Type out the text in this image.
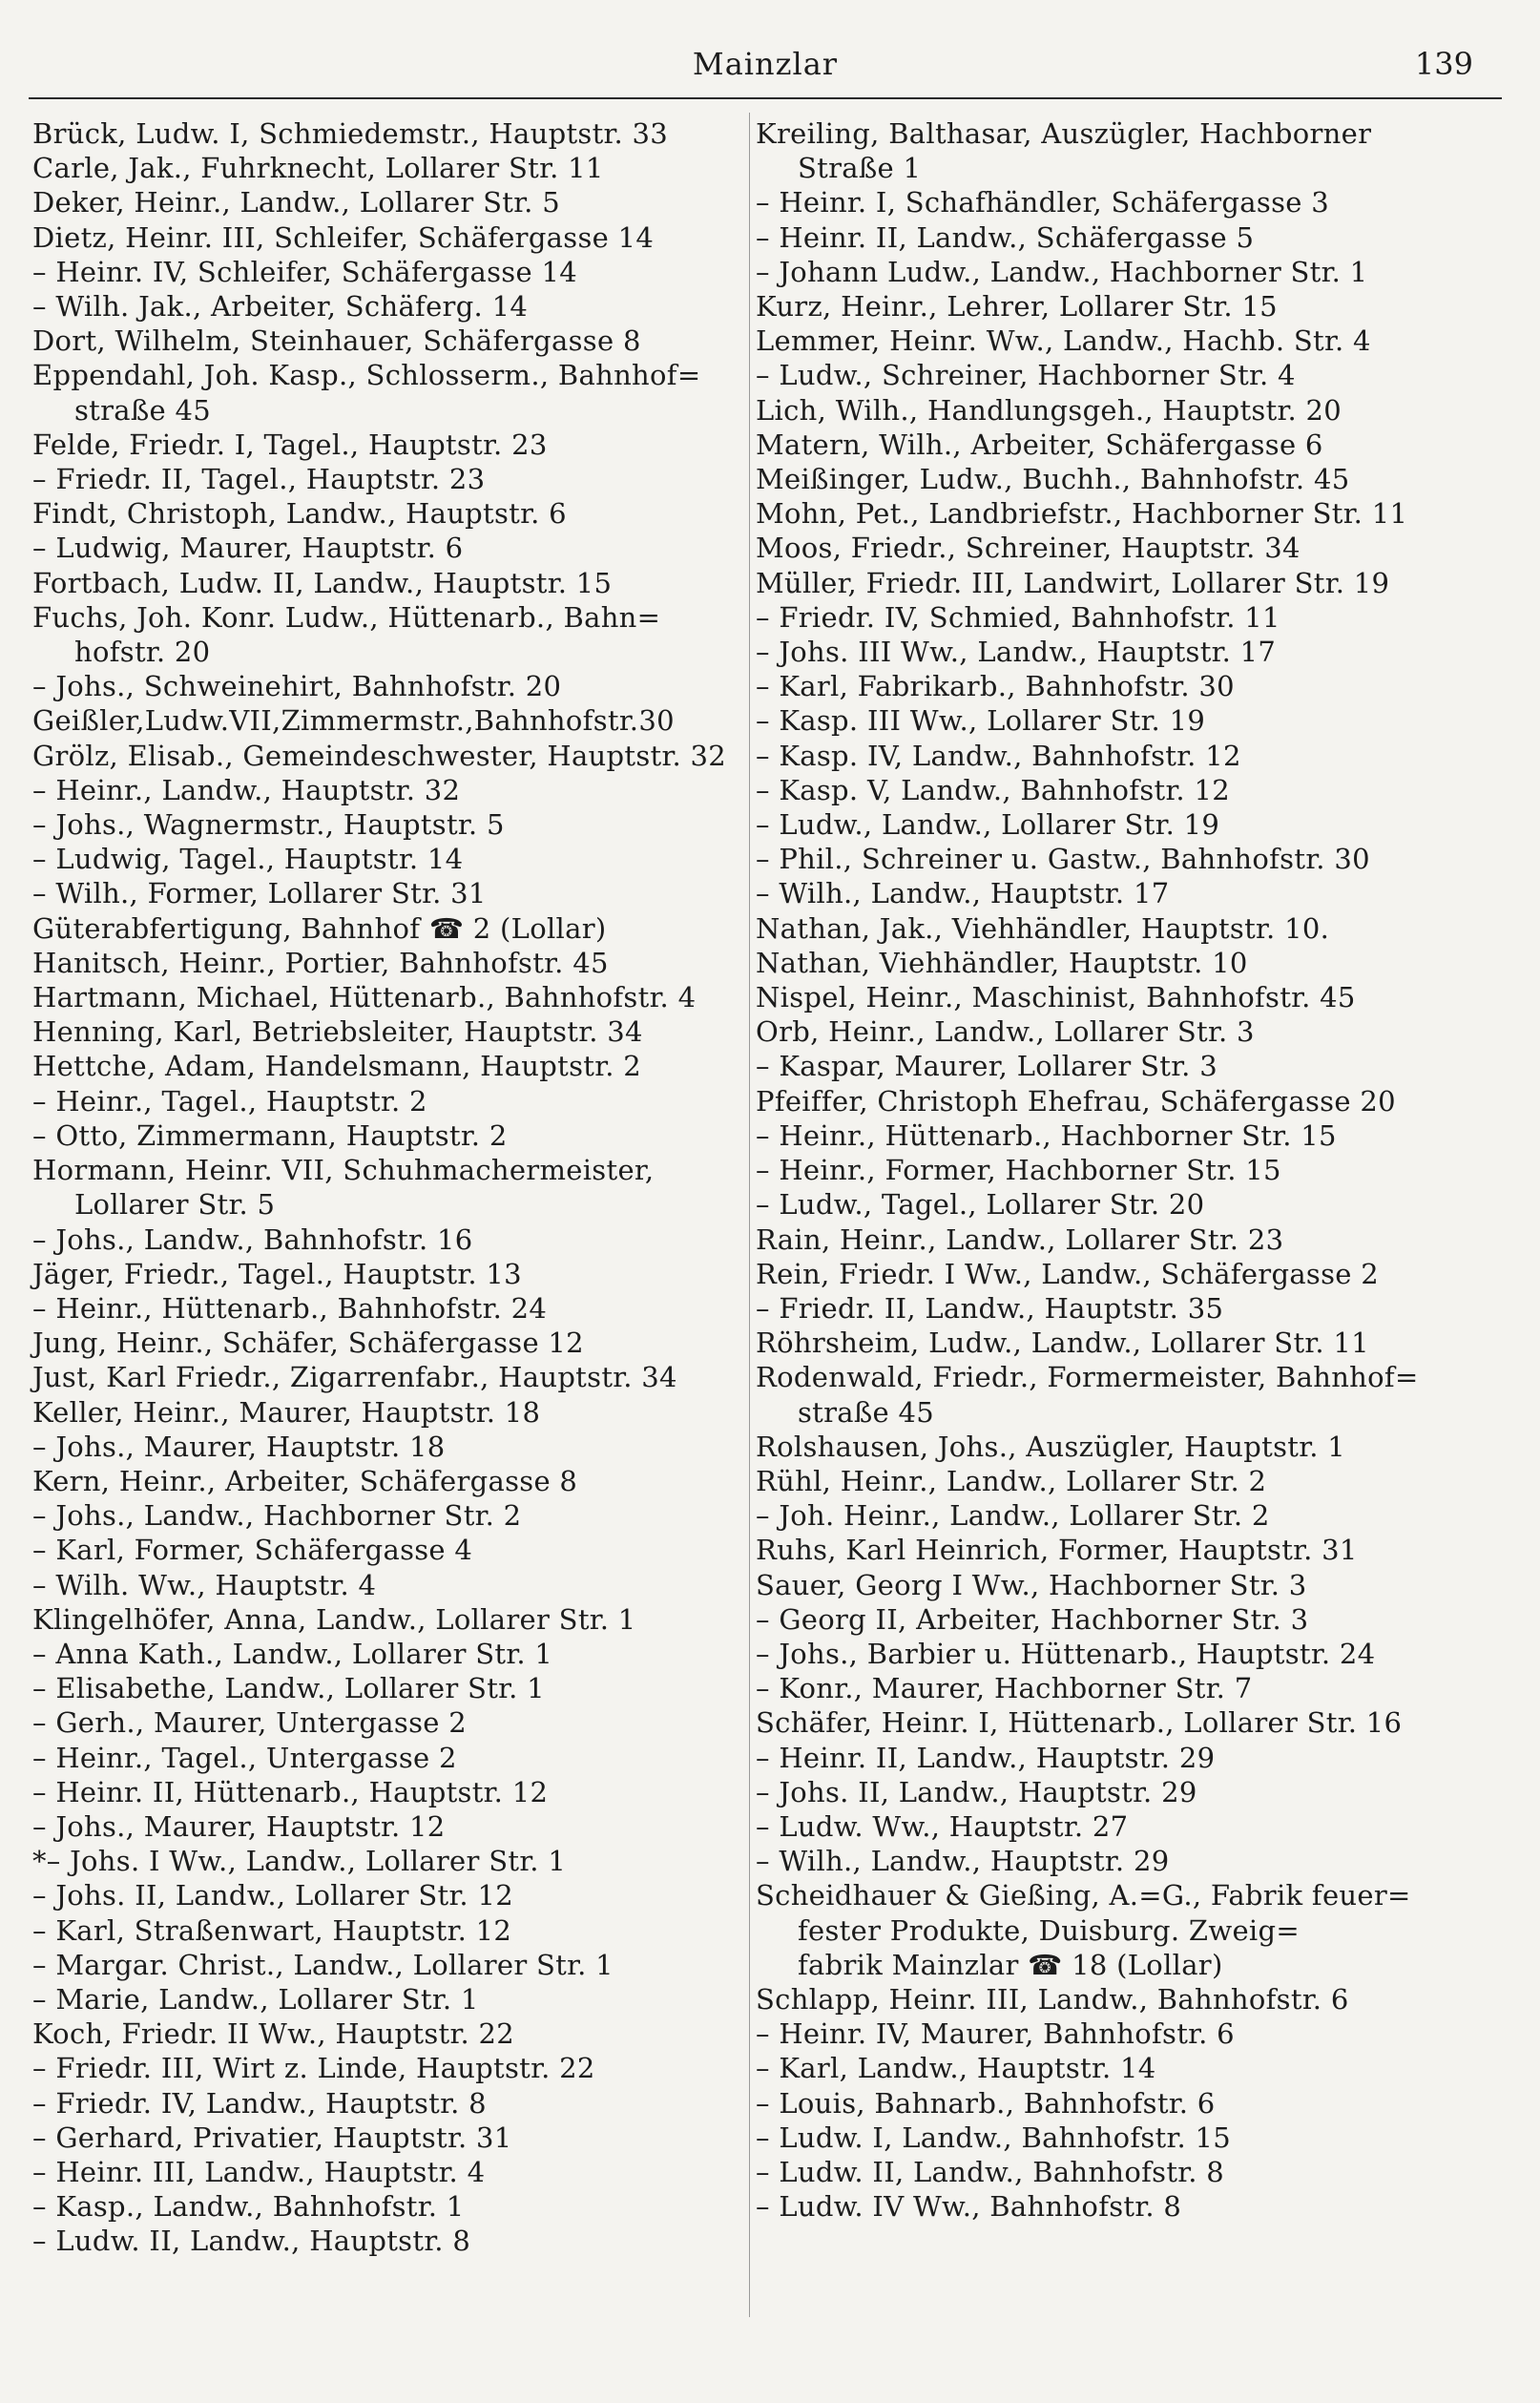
Mainzlar	139
Brück, Ludw. I, Schmiedemstr., Hauptstr. 33
Carle, Jak., Fuhrknecht, Lollarer Str. 11
Deker, Heinr., Landw., Lollarer Str. 5
Dietz, Heinr. III, Schleifer, Schäfergasse 14
– Heinr. IV, Schleifer, Schäfergasse 14
– Wilh. Jak., Arbeiter, Schäferg. 14
Dort, Wilhelm, Steinhauer, Schäfergasse 8
Eppendahl, Joh. Kasp., Schlosserm., Bahnhof=
straße 45
Felde, Friedr. I, Tagel., Hauptstr. 23
– Friedr. II, Tagel., Hauptstr. 23
Findt, Christoph, Landw., Hauptstr. 6
– Ludwig, Maurer, Hauptstr. 6
Fortbach, Ludw. II, Landw., Hauptstr. 15
Fuchs, Joh. Konr. Ludw., Hüttenarb., Bahn=
hofstr. 20
– Johs., Schweinehirt, Bahnhofstr. 20
Geißler,Ludw.VII,Zimmermstr.,Bahnhofstr.30
Grölz, Elisab., Gemeindeschwester, Hauptstr. 32
– Heinr., Landw., Hauptstr. 32
– Johs., Wagnermstr., Hauptstr. 5
– Ludwig, Tagel., Hauptstr. 14
– Wilh., Former, Lollarer Str. 31
Güterabfertigung, Bahnhof ☎ 2 (Lollar)
Hanitsch, Heinr., Portier, Bahnhofstr. 45
Hartmann, Michael, Hüttenarb., Bahnhofstr. 4
Henning, Karl, Betriebsleiter, Hauptstr. 34
Hettche, Adam, Handelsmann, Hauptstr. 2
– Heinr., Tagel., Hauptstr. 2
– Otto, Zimmermann, Hauptstr. 2
Hormann, Heinr. VII, Schuhmachermeister,
Lollarer Str. 5
– Johs., Landw., Bahnhofstr. 16
Jäger, Friedr., Tagel., Hauptstr. 13
– Heinr., Hüttenarb., Bahnhofstr. 24
Jung, Heinr., Schäfer, Schäfergasse 12
Just, Karl Friedr., Zigarrenfabr., Hauptstr. 34
Keller, Heinr., Maurer, Hauptstr. 18
– Johs., Maurer, Hauptstr. 18
Kern, Heinr., Arbeiter, Schäfergasse 8
– Johs., Landw., Hachborner Str. 2
– Karl, Former, Schäfergasse 4
– Wilh. Ww., Hauptstr. 4
Klingelhöfer, Anna, Landw., Lollarer Str. 1
– Anna Kath., Landw., Lollarer Str. 1
– Elisabethe, Landw., Lollarer Str. 1
– Gerh., Maurer, Untergasse 2
– Heinr., Tagel., Untergasse 2
– Heinr. II, Hüttenarb., Hauptstr. 12
– Johs., Maurer, Hauptstr. 12
*– Johs. I Ww., Landw., Lollarer Str. 1
– Johs. II, Landw., Lollarer Str. 12
– Karl, Straßenwart, Hauptstr. 12
– Margar. Christ., Landw., Lollarer Str. 1
– Marie, Landw., Lollarer Str. 1
Koch, Friedr. II Ww., Hauptstr. 22
– Friedr. III, Wirt z. Linde, Hauptstr. 22
– Friedr. IV, Landw., Hauptstr. 8
– Gerhard, Privatier, Hauptstr. 31
– Heinr. III, Landw., Hauptstr. 4
– Kasp., Landw., Bahnhofstr. 1
– Ludw. II, Landw., Hauptstr. 8
Kreiling, Balthasar, Auszügler, Hachborner
Straße 1
– Heinr. I, Schafhändler, Schäfergasse 3
– Heinr. II, Landw., Schäfergasse 5
– Johann Ludw., Landw., Hachborner Str. 1
Kurz, Heinr., Lehrer, Lollarer Str. 15
Lemmer, Heinr. Ww., Landw., Hachb. Str. 4
– Ludw., Schreiner, Hachborner Str. 4
Lich, Wilh., Handlungsgeh., Hauptstr. 20
Matern, Wilh., Arbeiter, Schäfergasse 6
Meißinger, Ludw., Buchh., Bahnhofstr. 45
Mohn, Pet., Landbriefstr., Hachborner Str. 11
Moos, Friedr., Schreiner, Hauptstr. 34
Müller, Friedr. III, Landwirt, Lollarer Str. 19
– Friedr. IV, Schmied, Bahnhofstr. 11
– Johs. III Ww., Landw., Hauptstr. 17
– Karl, Fabrikarb., Bahnhofstr. 30
– Kasp. III Ww., Lollarer Str. 19
– Kasp. IV, Landw., Bahnhofstr. 12
– Kasp. V, Landw., Bahnhofstr. 12
– Ludw., Landw., Lollarer Str. 19
– Phil., Schreiner u. Gastw., Bahnhofstr. 30
– Wilh., Landw., Hauptstr. 17
Nathan, Jak., Viehhändler, Hauptstr. 10.
Nathan, Viehhändler, Hauptstr. 10
Nispel, Heinr., Maschinist, Bahnhofstr. 45
Orb, Heinr., Landw., Lollarer Str. 3
– Kaspar, Maurer, Lollarer Str. 3
Pfeiffer, Christoph Ehefrau, Schäfergasse 20
– Heinr., Hüttenarb., Hachborner Str. 15
– Heinr., Former, Hachborner Str. 15
– Ludw., Tagel., Lollarer Str. 20
Rain, Heinr., Landw., Lollarer Str. 23
Rein, Friedr. I Ww., Landw., Schäfergasse 2
– Friedr. II, Landw., Hauptstr. 35
Röhrsheim, Ludw., Landw., Lollarer Str. 11
Rodenwald, Friedr., Formermeister, Bahnhof=
straße 45
Rolshausen, Johs., Auszügler, Hauptstr. 1
Rühl, Heinr., Landw., Lollarer Str. 2
– Joh. Heinr., Landw., Lollarer Str. 2
Ruhs, Karl Heinrich, Former, Hauptstr. 31
Sauer, Georg I Ww., Hachborner Str. 3
– Georg II, Arbeiter, Hachborner Str. 3
– Johs., Barbier u. Hüttenarb., Hauptstr. 24
– Konr., Maurer, Hachborner Str. 7
Schäfer, Heinr. I, Hüttenarb., Lollarer Str. 16
– Heinr. II, Landw., Hauptstr. 29
– Johs. II, Landw., Hauptstr. 29
– Ludw. Ww., Hauptstr. 27
– Wilh., Landw., Hauptstr. 29
Scheidhauer & Gießing, A.=G., Fabrik feuer=
fester Produkte, Duisburg. Zweig=
fabrik Mainzlar ☎ 18 (Lollar)
Schlapp, Heinr. III, Landw., Bahnhofstr. 6
– Heinr. IV, Maurer, Bahnhofstr. 6
– Karl, Landw., Hauptstr. 14
– Louis, Bahnarb., Bahnhofstr. 6
– Ludw. I, Landw., Bahnhofstr. 15
– Ludw. II, Landw., Bahnhofstr. 8
– Ludw. IV Ww., Bahnhofstr. 8
